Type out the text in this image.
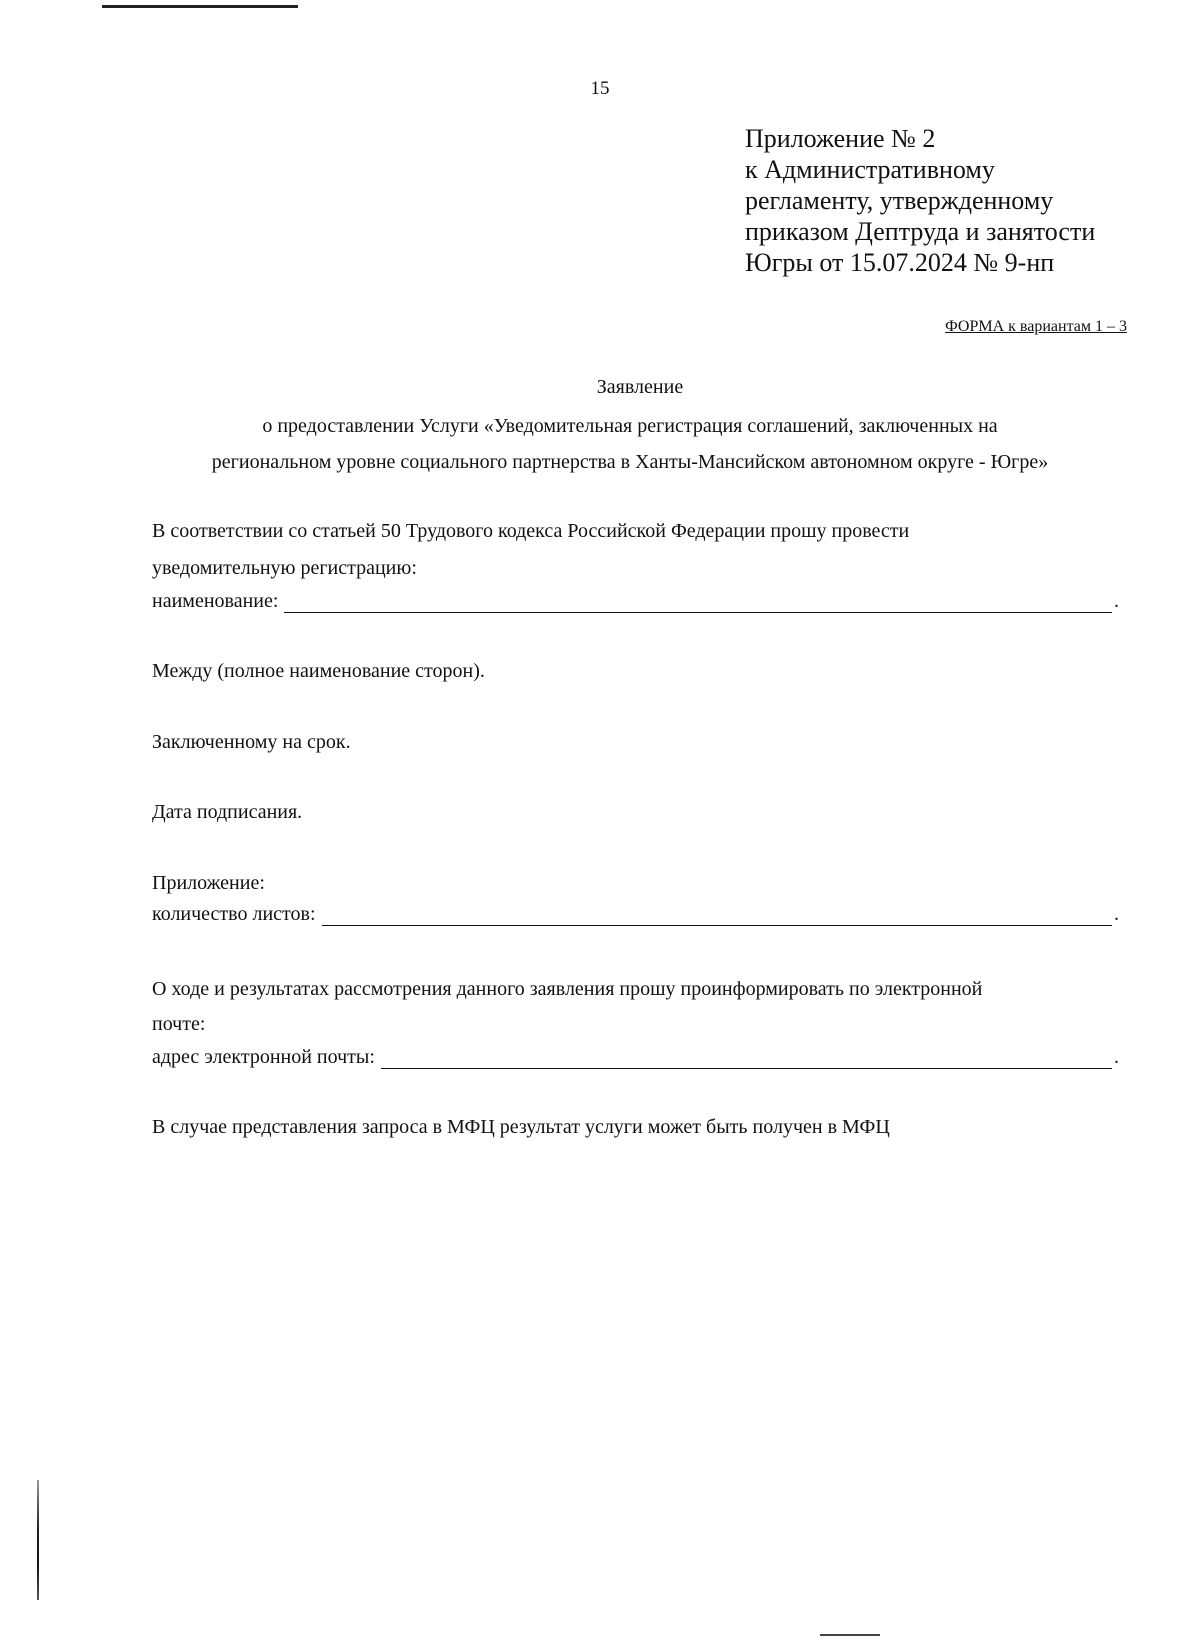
15
Приложение № 2
к Административному
регламенту, утвержденному
приказом Дептруда и занятости
Югры от 15.07.2024 № 9-нп
ФОРМА к вариантам 1 – 3
Заявление
о предоставлении Услуги «Уведомительная регистрация соглашений, заключенных на
региональном уровне социального партнерства в Ханты-Мансийском автономном округе - Югре»
В соответствии со статьей 50 Трудового кодекса Российской Федерации прошу провести
уведомительную регистрацию:
наименование:	.
Между (полное наименование сторон).
Заключенному на срок.
Дата подписания.
Приложение:
количество листов:	.
О ходе и результатах рассмотрения данного заявления прошу проинформировать по электронной
почте:
адрес электронной почты:	.
В случае представления запроса в МФЦ результат услуги может быть получен в МФЦ
